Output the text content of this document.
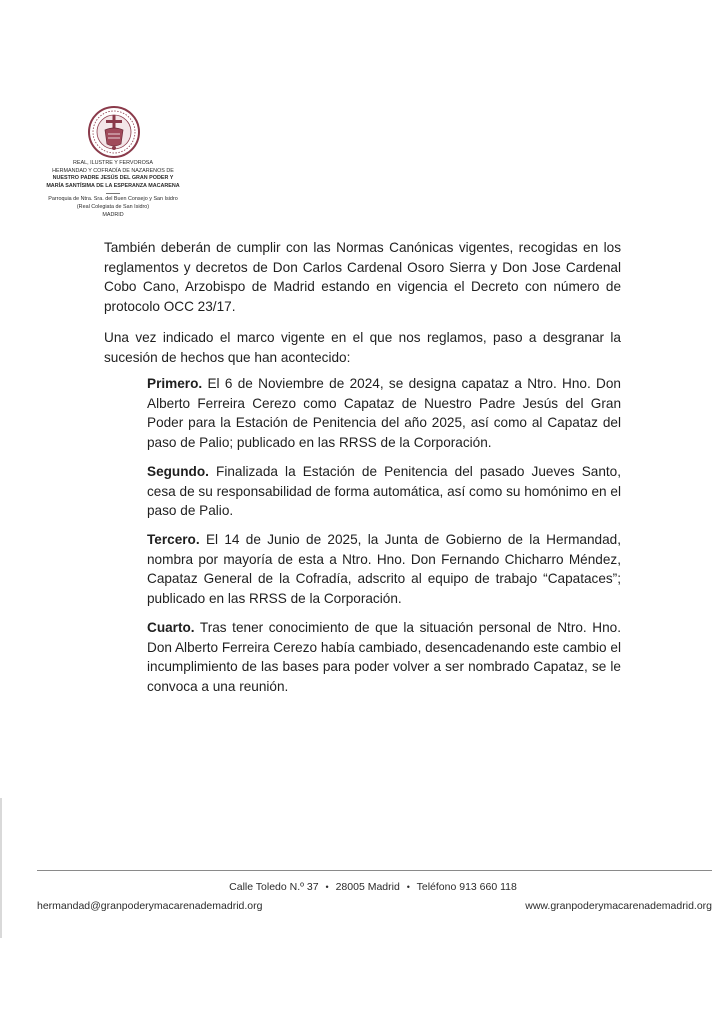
REAL, ILUSTRE Y FERVOROSA
HERMANDAD Y COFRADÍA DE NAZARENOS DE
NUESTRO PADRE JESÚS DEL GRAN PODER Y
MARÍA SANTÍSIMA DE LA ESPERANZA MACARENA
Parroquia de Ntra. Sra. del Buen Consejo y San Isidro
(Real Colegiata de San Isidro)
MADRID
También deberán de cumplir con las Normas Canónicas vigentes, recogidas en los reglamentos y decretos de Don Carlos Cardenal Osoro Sierra y Don Jose Cardenal Cobo Cano, Arzobispo de Madrid estando en vigencia el Decreto con número de protocolo OCC 23/17.
Una vez indicado el marco vigente en el que nos reglamos, paso a desgranar la sucesión de hechos que han acontecido:
Primero. El 6 de Noviembre de 2024, se designa capataz a Ntro. Hno. Don Alberto Ferreira Cerezo como Capataz de Nuestro Padre Jesús del Gran Poder para la Estación de Penitencia del año 2025, así como al Capataz del paso de Palio; publicado en las RRSS de la Corporación.
Segundo. Finalizada la Estación de Penitencia del pasado Jueves Santo, cesa de su responsabilidad de forma automática, así como su homónimo en el paso de Palio.
Tercero. El 14 de Junio de 2025, la Junta de Gobierno de la Hermandad, nombra por mayoría de esta a Ntro. Hno. Don Fernando Chicharro Méndez, Capataz General de la Cofradía, adscrito al equipo de trabajo “Capataces”; publicado en las RRSS de la Corporación.
Cuarto. Tras tener conocimiento de que la situación personal de Ntro. Hno. Don Alberto Ferreira Cerezo había cambiado, desencadenando este cambio el incumplimiento de las bases para poder volver a ser nombrado Capataz, se le convoca a una reunión.
Calle Toledo N.º 37 • 28005 Madrid • Teléfono 913 660 118
hermandad@granpoderymacarenademadrid.org	www.granpoderymacarenademadrid.org
